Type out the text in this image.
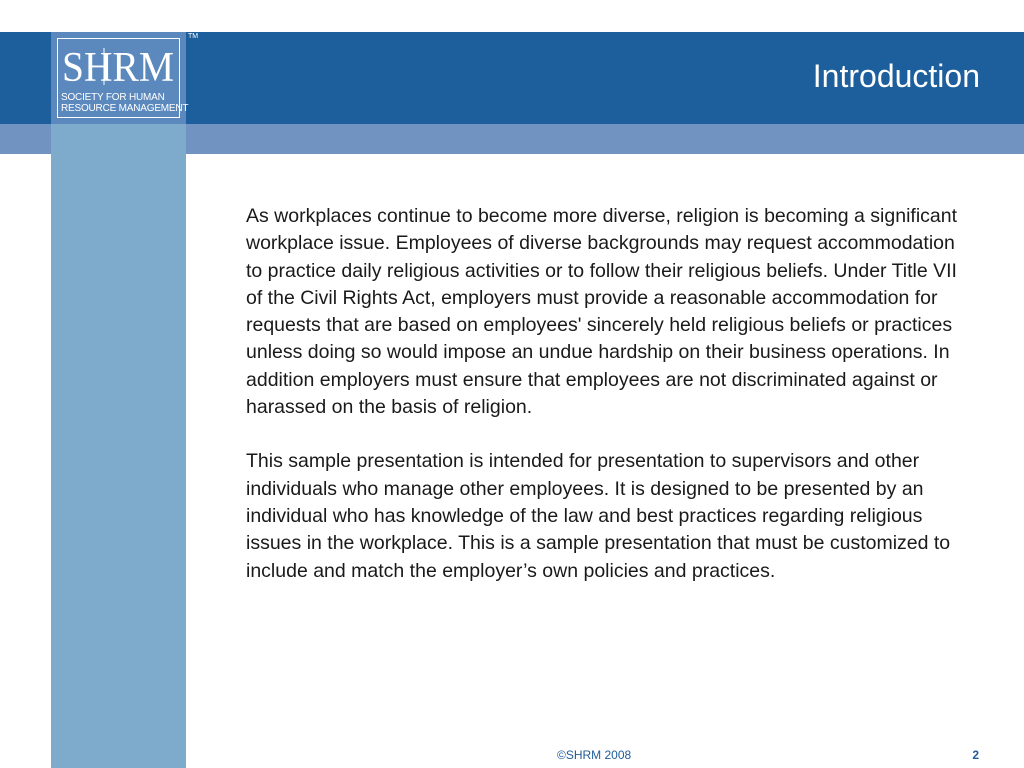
SHRM
SOCIETY FOR HUMAN
RESOURCE MANAGEMENT
TM
Introduction

As workplaces continue to become more diverse, religion is becoming a significant workplace issue. Employees of diverse backgrounds may request accommodation to practice daily religious activities or to follow their religious beliefs. Under Title VII of the Civil Rights Act, employers must provide a reasonable accommodation for requests that are based on employees' sincerely held religious beliefs or practices unless doing so would impose an undue hardship on their business operations. In addition employers must ensure that employees are not discriminated against or harassed on the basis of religion.

This sample presentation is intended for presentation to supervisors and other individuals who manage other employees. It is designed to be presented by an individual who has knowledge of the law and best practices regarding religious issues in the workplace. This is a sample presentation that must be customized to include and match the employer’s own policies and practices.

©SHRM 2008	2
